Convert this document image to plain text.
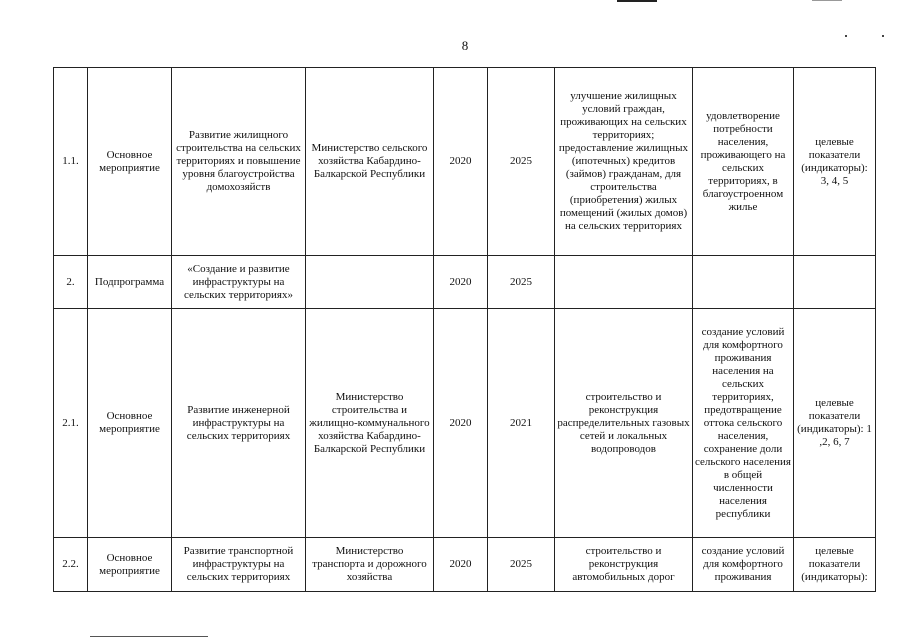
8
1.1.	Основное мероприятие	Развитие жилищного строительства на сельских территориях и повышение уровня благоустройства домохозяйств	Министерство сельского хозяйства Кабардино-Балкарской Республики	2020	2025	улучшение жилищных условий граждан, проживающих на сельских территориях; предоставление жилищных (ипотечных) кредитов (займов) гражданам, для строительства (приобретения) жилых помещений (жилых домов) на сельских территориях	удовлетворение потребности населения, проживающего на сельских территориях, в благоустроенном жилье	целевые показатели (индикаторы): 3, 4, 5
2.	Подпрограмма	«Создание и развитие инфраструктуры на сельских территориях»		2020	2025			
2.1.	Основное мероприятие	Развитие инженерной инфраструктуры на сельских территориях	Министерство строительства и жилищно-коммунального хозяйства Кабардино-Балкарской Республики	2020	2021	строительство и реконструкция распределительных газовых сетей и локальных водопроводов	создание условий для комфортного проживания населения на сельских территориях, предотвращение оттока сельского населения, сохранение доли сельского населения в общей численности населения республики	целевые показатели (индикаторы): 1 ,2, 6, 7
2.2.	Основное мероприятие	Развитие транспортной инфраструктуры на сельских территориях	Министерство транспорта и дорожного хозяйства	2020	2025	строительство и реконструкция автомобильных дорог	создание условий для комфортного проживания	целевые показатели (индикаторы):
